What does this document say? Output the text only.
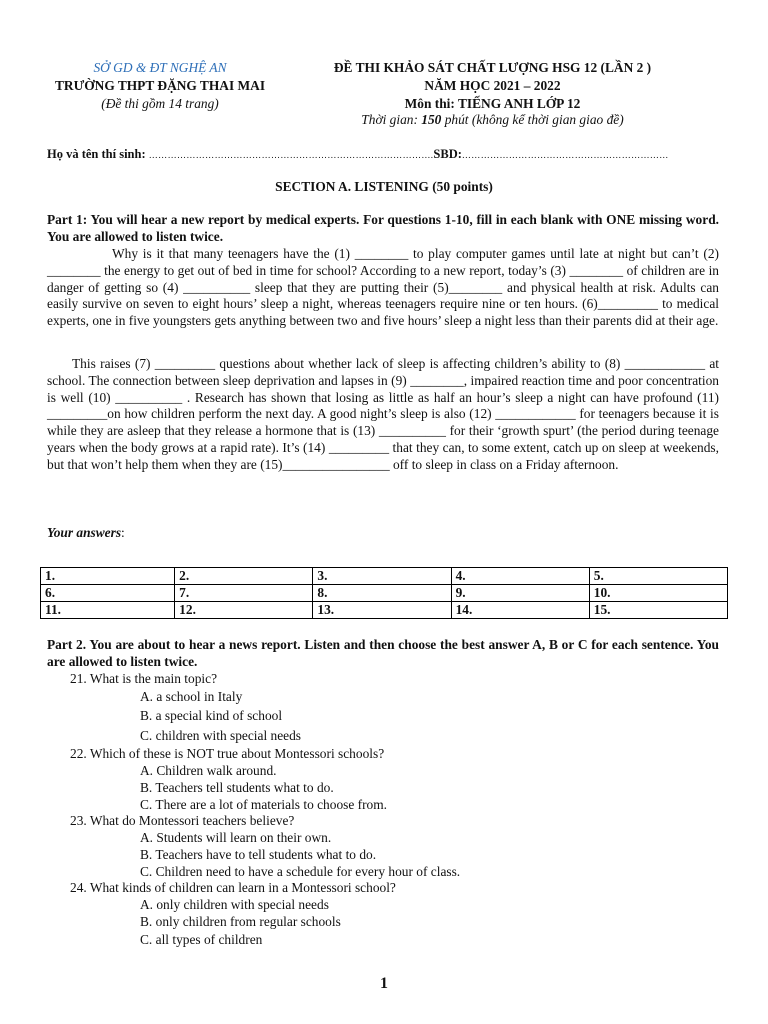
SỞ GD & ĐT NGHỆ AN
TRƯỜNG THPT ĐẶNG THAI MAI
(Đề thi gồm 14 trang)
ĐỀ THI KHẢO SÁT CHẤT LƯỢNG HSG 12 (LẦN 2 )
NĂM HỌC 2021 – 2022
Môn thi: TIẾNG ANH LỚP 12
Thời gian: 150 phút (không kể thời gian giao đề)
Họ và tên thí sinh: ……………………………………………………………………………….SBD:…………………………………………………………
SECTION A. LISTENING (50 points)
Part 1: You will hear a new report by medical experts. For questions 1-10, fill in each blank with ONE missing word. You are allowed to listen twice.
Why is it that many teenagers have the (1) ________ to play computer games until late at night but can’t (2) ________ the energy to get out of bed in time for school? According to a new report, today’s (3) ________ of children are in danger of getting so (4) __________ sleep that they are putting their (5)________ and physical health at risk. Adults can easily survive on seven to eight hours’ sleep a night, whereas teenagers require nine or ten hours. (6)_________ to medical experts, one in five youngsters gets anything between two and five hours’ sleep a night less than their parents did at their age.
This raises (7) _________ questions about whether lack of sleep is affecting children’s ability to (8) ____________ at school. The connection between sleep deprivation and lapses in (9) ________, impaired reaction time and poor concentration is well (10) __________ . Research has shown that losing as little as half an hour’s sleep a night can have profound (11) _________on how children perform the next day. A good night’s sleep is also (12) ____________ for teenagers because it is while they are asleep that they release a hormone that is (13) __________ for their ‘growth spurt’ (the period during teenage years when the body grows at a rapid rate). It’s (14) _________ that they can, to some extent, catch up on sleep at weekends, but that won’t help them when they are (15)________________ off to sleep in class on a Friday afternoon.
Your answers:
1.	2.	3.	4.	5.
6.	7.	8.	9.	10.
11.	12.	13.	14.	15.
Part 2. You are about to hear a news report. Listen and then choose the best answer A, B or C for each sentence. You are allowed to listen twice.
21. What is the main topic?
A. a school in Italy
B. a special kind of school
C. children with special needs
22. Which of these is NOT true about Montessori schools?
A. Children walk around.
B. Teachers tell students what to do.
C. There are a lot of materials to choose from.
23. What do Montessori teachers believe?
A. Students will learn on their own.
B. Teachers have to tell students what to do.
C. Children need to have a schedule for every hour of class.
24. What kinds of children can learn in a Montessori school?
A. only children with special needs
B. only children from regular schools
C. all types of children
1
